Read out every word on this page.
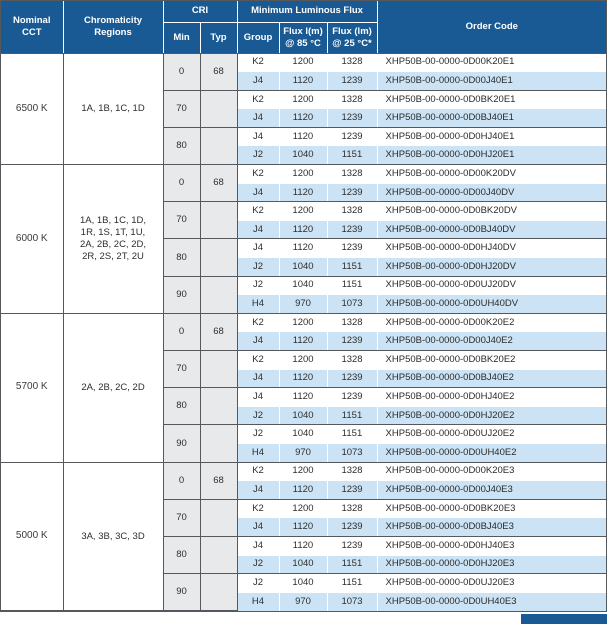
Nominal CCT	Chromaticity Regions	CRI		Minimum Luminous Flux			Order Code
		Min	Typ	Group	Flux l(m) @ 85 °C	Flux (lm) @ 25 °C*	
6500 K	1A, 1B, 1C, 1D	0	68	K2	1200	1328	XHP50B-00-0000-0D00K20E1
				J4	1120	1239	XHP50B-00-0000-0D00J40E1
		70		K2	1200	1328	XHP50B-00-0000-0D0BK20E1
				J4	1120	1239	XHP50B-00-0000-0D0BJ40E1
		80		J4	1120	1239	XHP50B-00-0000-0D0HJ40E1
				J2	1040	1151	XHP50B-00-0000-0D0HJ20E1
6000 K	1A, 1B, 1C, 1D, 1R, 1S, 1T, 1U, 2A, 2B, 2C, 2D, 2R, 2S, 2T, 2U	0	68	K2	1200	1328	XHP50B-00-0000-0D00K20DV
				J4	1120	1239	XHP50B-00-0000-0D00J40DV
		70		K2	1200	1328	XHP50B-00-0000-0D0BK20DV
				J4	1120	1239	XHP50B-00-0000-0D0BJ40DV
		80		J4	1120	1239	XHP50B-00-0000-0D0HJ40DV
				J2	1040	1151	XHP50B-00-0000-0D0HJ20DV
		90		J2	1040	1151	XHP50B-00-0000-0D0UJ20DV
				H4	970	1073	XHP50B-00-0000-0D0UH40DV
5700 K	2A, 2B, 2C, 2D	0	68	K2	1200	1328	XHP50B-00-0000-0D00K20E2
				J4	1120	1239	XHP50B-00-0000-0D00J40E2
		70		K2	1200	1328	XHP50B-00-0000-0D0BK20E2
				J4	1120	1239	XHP50B-00-0000-0D0BJ40E2
		80		J4	1120	1239	XHP50B-00-0000-0D0HJ40E2
				J2	1040	1151	XHP50B-00-0000-0D0HJ20E2
		90		J2	1040	1151	XHP50B-00-0000-0D0UJ20E2
				H4	970	1073	XHP50B-00-0000-0D0UH40E2
5000 K	3A, 3B, 3C, 3D	0	68	K2	1200	1328	XHP50B-00-0000-0D00K20E3
				J4	1120	1239	XHP50B-00-0000-0D00J40E3
		70		K2	1200	1328	XHP50B-00-0000-0D0BK20E3
				J4	1120	1239	XHP50B-00-0000-0D0BJ40E3
		80		J4	1120	1239	XHP50B-00-0000-0D0HJ40E3
				J2	1040	1151	XHP50B-00-0000-0D0HJ20E3
		90		J2	1040	1151	XHP50B-00-0000-0D0UJ20E3
				H4	970	1073	XHP50B-00-0000-0D0UH40E3
